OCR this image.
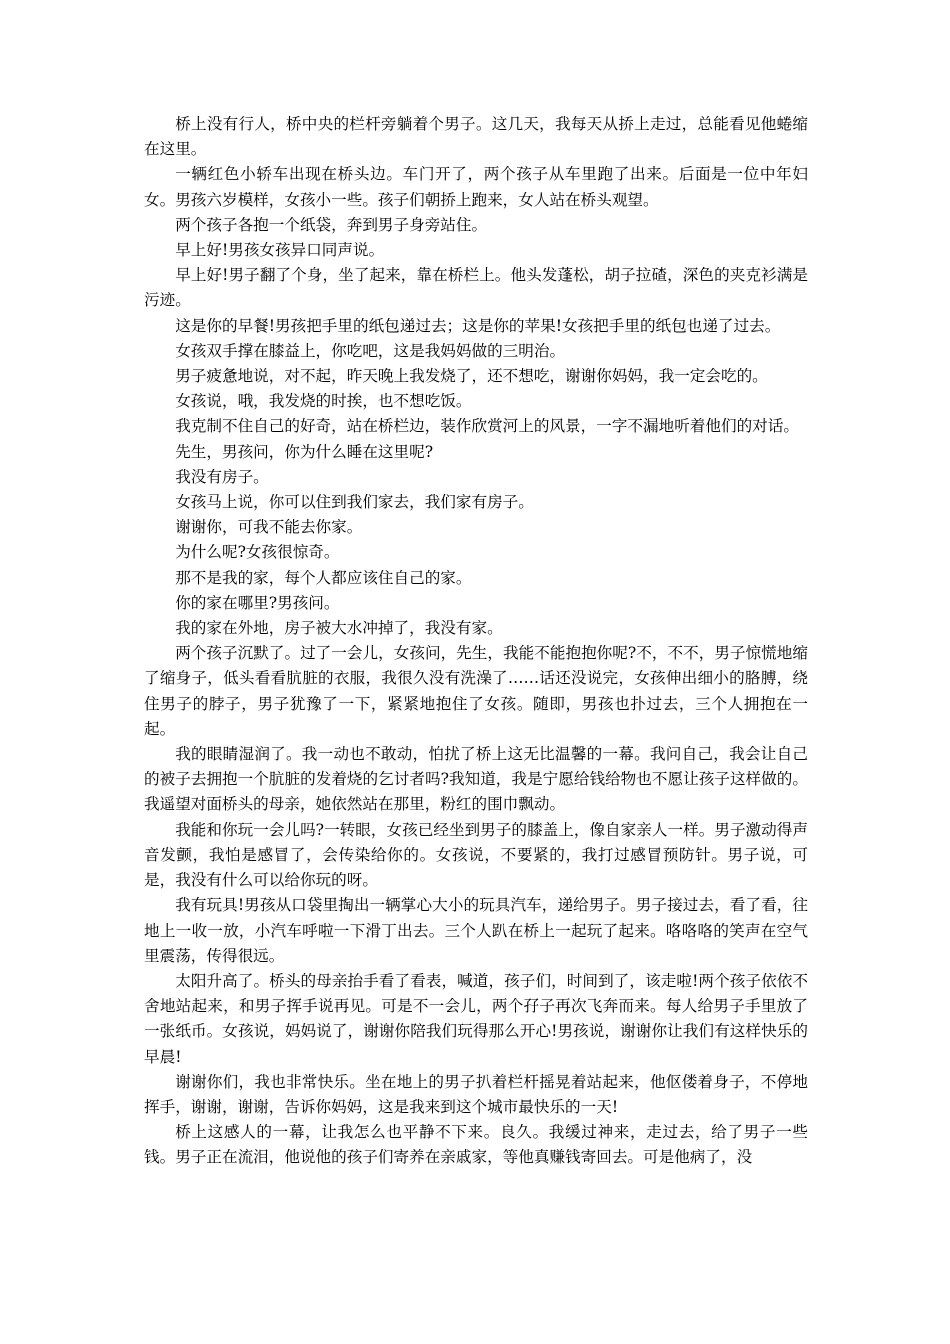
桥上没有行人，桥中央的栏杆旁躺着个男子。这几天，我每天从挢上走过，总能看见他蜷缩在这里。

一辆红色小轿车出现在桥头边。车门开了，两个孩子从车里跑了出来。后面是一位中年妇女。男孩六岁模样，女孩小一些。孩子们朝挢上跑来，女人站在桥头观望。

两个孩子各抱一个纸袋，奔到男子身旁站住。

早上好!男孩女孩异口同声说。

早上好!男子翻了个身，坐了起来，靠在桥栏上。他头发蓬松，胡子拉碴，深色的夹克衫满是污迹。

这是你的早餐!男孩把手里的纸包递过去；这是你的苹果!女孩把手里的纸包也递了过去。

女孩双手撑在膝益上，你吃吧，这是我妈妈做的三明治。

男子疲惫地说，对不起，昨天晚上我发烧了，还不想吃，谢谢你妈妈，我一定会吃的。

女孩说，哦，我发烧的时挨，也不想吃饭。

我克制不住自己的好奇，站在桥栏边，装作欣赏河上的风景，一字不漏地听着他们的对话。

先生，男孩问，你为什么睡在这里呢?

我没有房子。

女孩马上说，你可以住到我们家去，我们家有房子。

谢谢你，可我不能去你家。

为什么呢?女孩很惊奇。

那不是我的家，每个人都应该住自己的家。

你的家在哪里?男孩问。

我的家在外地，房子被大水冲掉了，我没有家。

两个孩子沉默了。过了一会儿，女孩问，先生，我能不能抱抱你呢?不，不不，男子惊慌地缩了缩身子，低头看看肮脏的衣服，我很久没有洗澡了……话还没说完，女孩伸出细小的胳膊，绕住男子的脖子，男子犹豫了一下，紧紧地抱住了女孩。随即，男孩也扑过去，三个人拥抱在一起。

我的眼睛湿润了。我一动也不敢动，怕扰了桥上这无比温馨的一幕。我问自己，我会让自己的被子去拥抱一个肮脏的发着烧的乞讨者吗?我知道，我是宁愿给钱给物也不愿让孩子这样做的。我遥望对面桥头的母亲，她依然站在那里，粉红的围巾飘动。

我能和你玩一会儿吗?一转眼，女孩已经坐到男子的膝盖上，像自家亲人一样。男子激动得声音发颤，我怕是感冒了，会传染给你的。女孩说，不要紧的，我打过感冒预防针。男子说，可是，我没有什么可以给你玩的呀。

我有玩具!男孩从口袋里掏出一辆掌心大小的玩具汽车，递给男子。男子接过去，看了看，往地上一收一放，小汽车呼啦一下滑丁出去。三个人趴在桥上一起玩了起来。咯咯咯的笑声在空气里震荡，传得很远。

太阳升高了。桥头的母亲抬手看了看表，喊道，孩子们，时间到了，该走啦!两个孩子依依不舍地站起来，和男子挥手说再见。可是不一会儿，两个孖子再次飞奔而来。每人给男子手里放了一张纸币。女孩说，妈妈说了，谢谢你陪我们玩得那么开心!男孩说，谢谢你让我们有这样快乐的早晨!

谢谢你们，我也非常快乐。坐在地上的男子扒着栏杆摇晃着站起来，他伛偻着身子，不停地挥手，谢谢，谢谢，告诉你妈妈，这是我来到这个城市最快乐的一天!

桥上这感人的一幕，让我怎么也平静不下来。良久。我缓过神来，走过去，给了男子一些钱。男子正在流泪，他说他的孩子们寄养在亲戚家，等他真赚钱寄回去。可是他病了，没
